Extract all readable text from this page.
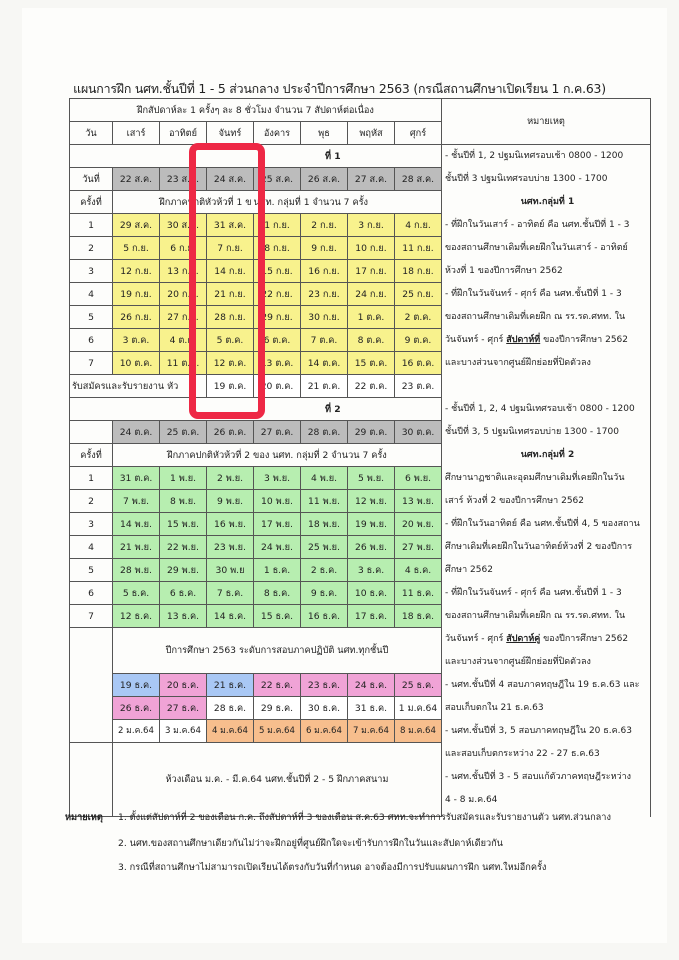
แผนการฝึก นศท.ชั้นปีที่ 1 - 5 ส่วนกลาง ประจำปีการศึกษา 2563 (กรณีสถานศึกษาเปิดเรียน 1 ก.ค.63)
ฝึกสัปดาห์ละ 1 ครั้งๆ ละ 8 ชั่วโมง จำนวน 7 สัปดาห์ต่อเนื่อง								หมายเหตุ
วัน	เสาร์	อาทิตย์	จันทร์	อังคาร	พุธ	พฤหัส	ศุกร์	
ที่ 1								- ชั้นปีที่ 1, 2 ปฐมนิเทศรอบเช้า 0800 - 1200
วันที่	22 ส.ค.	23 ส.ค.	24 ส.ค.	25 ส.ค.	26 ส.ค.	27 ส.ค.	28 ส.ค.	ชั้นปีที่ 3 ปฐมนิเทศรอบบ่าย 1300 - 1700
ครั้งที่	ฝึกภาคปกติหัวห้วที่ 1 ข			นศท. กลุ่มที่ 1 จำนวน 7 ครั้ง				นศท.กลุ่มที่ 1
1	29 ส.ค.	30 ส.ค.	31 ส.ค.	1 ก.ย.	2 ก.ย.	3 ก.ย.	4 ก.ย.	- ที่ฝึกในวันเสาร์ - อาทิตย์ คือ นศท.ชั้นปีที่ 1 - 3
2	5 ก.ย.	6 ก.ย.	7 ก.ย.	8 ก.ย.	9 ก.ย.	10 ก.ย.	11 ก.ย.	ของสถานศึกษาเดิมที่เคยฝึกในวันเสาร์ - อาทิตย์
3	12 ก.ย.	13 ก.ย.	14 ก.ย.	15 ก.ย.	16 ก.ย.	17 ก.ย.	18 ก.ย.	ห้วงที่ 1 ของปีการศึกษา 2562
4	19 ก.ย.	20 ก.ย.	21 ก.ย.	22 ก.ย.	23 ก.ย.	24 ก.ย.	25 ก.ย.	- ที่ฝึกในวันจันทร์ - ศุกร์ คือ นศท.ชั้นปีที่ 1 - 3
5	26 ก.ย.	27 ก.ย.	28 ก.ย.	29 ก.ย.	30 ก.ย.	1 ต.ค.	2 ต.ค.	ของสถานศึกษาเดิมที่เคยฝึก ณ รร.รด.ศทท. ใน
6	3 ต.ค.	4 ต.ค.	5 ต.ค.	6 ต.ค.	7 ต.ค.	8 ต.ค.	9 ต.ค.	วันจันทร์ - ศุกร์ สัปดาห์ที่ ของปีการศึกษา 2562
7	10 ต.ค.	11 ต.ค.	12 ต.ค.	13 ต.ค.	14 ต.ค.	15 ต.ค.	16 ต.ค.	และบางส่วนจากศูนย์ฝึกย่อยที่ปิดตัวลง
รับสมัครและรับรายงาน หัว			19 ต.ค.	20 ต.ค.	21 ต.ค.	22 ต.ค.	23 ต.ค.	
ที่ 2								- ชั้นปีที่ 1, 2, 4 ปฐมนิเทศรอบเช้า 0800 - 1200
	24 ต.ค.	25 ต.ค.	26 ต.ค.	27 ต.ค.	28 ต.ค.	29 ต.ค.	30 ต.ค.	ชั้นปีที่ 3, 5 ปฐมนิเทศรอบบ่าย 1300 - 1700
ครั้งที่	ฝึกภาคปกติหัวห้วที่ 2 ของ นศท. กลุ่มที่ 2 จำนวน 7 ครั้ง							นศท.กลุ่มที่ 2
1	31 ต.ค.	1 พ.ย.	2 พ.ย.	3 พ.ย.	4 พ.ย.	5 พ.ย.	6 พ.ย.	ศึกษานาฏชาติและอุดมศึกษาเดิมที่เคยฝึกในวัน
2	7 พ.ย.	8 พ.ย.	9 พ.ย.	10 พ.ย.	11 พ.ย.	12 พ.ย.	13 พ.ย.	เสาร์ ห้วงที่ 2 ของปีการศึกษา 2562
3	14 พ.ย.	15 พ.ย.	16 พ.ย.	17 พ.ย.	18 พ.ย.	19 พ.ย.	20 พ.ย.	- ที่ฝึกในวันอาทิตย์ คือ นศท.ชั้นปีที่ 4, 5 ของสถาน
4	21 พ.ย.	22 พ.ย.	23 พ.ย.	24 พ.ย.	25 พ.ย.	26 พ.ย.	27 พ.ย.	ศึกษาเดิมที่เคยฝึกในวันอาทิตย์ห้วงที่ 2 ของปีการ
5	28 พ.ย.	29 พ.ย.	30 พ.ย	1 ธ.ค.	2 ธ.ค.	3 ธ.ค.	4 ธ.ค.	ศึกษา 2562
6	5 ธ.ค.	6 ธ.ค.	7 ธ.ค.	8 ธ.ค.	9 ธ.ค.	10 ธ.ค.	11 ธ.ค.	- ที่ฝึกในวันจันทร์ - ศุกร์ คือ นศท.ชั้นปีที่ 1 - 3
7	12 ธ.ค.	13 ธ.ค.	14 ธ.ค.	15 ธ.ค.	16 ธ.ค.	17 ธ.ค.	18 ธ.ค.	ของสถานศึกษาเดิมที่เคยฝึก ณ รร.รด.ศทท. ใน
	ปีการศึกษา 2563 ระดับการสอบภาคปฏิบัติ นศท.ทุกชั้นปี							วันจันทร์ - ศุกร์ สัปดาห์คู่ ของปีการศึกษา 2562
								และบางส่วนจากศูนย์ฝึกย่อยที่ปิดตัวลง
	19 ธ.ค.	20 ธ.ค.	21 ธ.ค.	22 ธ.ค.	23 ธ.ค.	24 ธ.ค.	25 ธ.ค.	- นศท.ชั้นปีที่ 4 สอบภาคทฤษฎีใน 19 ธ.ค.63 และ
	26 ธ.ค.	27 ธ.ค.	28 ธ.ค.	29 ธ.ค.	30 ธ.ค.	31 ธ.ค.	1 ม.ค.64	สอบเก็บตกใน 21 ธ.ค.63
	2 ม.ค.64	3 ม.ค.64	4 ม.ค.64	5 ม.ค.64	6 ม.ค.64	7 ม.ค.64	8 ม.ค.64	- นศท.ชั้นปีที่ 3, 5 สอบภาคทฤษฎีใน 20 ธ.ค.63
	ห้วงเดือน ม.ค. - มี.ค.64 นศท.ชั้นปีที่ 2 - 5 ฝึกภาคสนาม							และสอบเก็บตกระหว่าง 22 - 27 ธ.ค.63
								- นศท.ชั้นปีที่ 3 - 5 สอบแก้ตัวภาคทฤษฎีระหว่าง
								4 - 8 ม.ค.64

หมายเหตุ 1. ตั้งแต่สัปดาห์ที่ 2 ของเดือน ก.ค. ถึงสัปดาห์ที่ 3 ของเดือน ส.ค.63 ศทท.จะทำการรับสมัครและรับรายงานตัว นศท.ส่วนกลาง
2. นศท.ของสถานศึกษาเดียวกันไม่ว่าจะฝึกอยู่ที่ศูนย์ฝึกใดจะเข้ารับการฝึกในวันและสัปดาห์เดียวกัน
3. กรณีที่สถานศึกษาไม่สามารถเปิดเรียนได้ตรงกับวันที่กำหนด อาจต้องมีการปรับแผนการฝึก นศท.ใหม่อีกครั้ง
